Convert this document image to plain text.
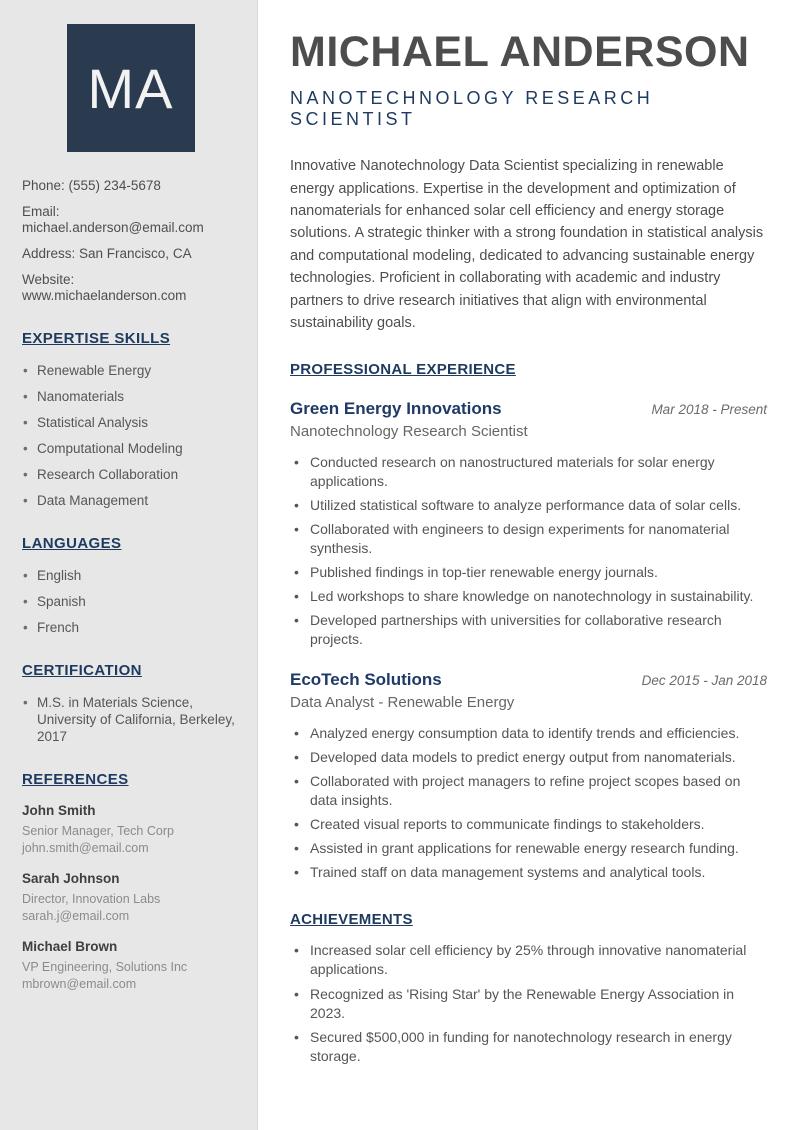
MA
Phone: (555) 234-5678
Email: michael.anderson@email.com
Address: San Francisco, CA
Website: www.michaelanderson.com
EXPERTISE SKILLS
• Renewable Energy
• Nanomaterials
• Statistical Analysis
• Computational Modeling
• Research Collaboration
• Data Management
LANGUAGES
• English
• Spanish
• French
CERTIFICATION
• M.S. in Materials Science, University of California, Berkeley, 2017
REFERENCES
John Smith
Senior Manager, Tech Corp
john.smith@email.com
Sarah Johnson
Director, Innovation Labs
sarah.j@email.com
Michael Brown
VP Engineering, Solutions Inc
mbrown@email.com
MICHAEL ANDERSON
NANOTECHNOLOGY RESEARCH SCIENTIST

Innovative Nanotechnology Data Scientist specializing in renewable energy applications. Expertise in the development and optimization of nanomaterials for enhanced solar cell efficiency and energy storage solutions. A strategic thinker with a strong foundation in statistical analysis and computational modeling, dedicated to advancing sustainable energy technologies. Proficient in collaborating with academic and industry partners to drive research initiatives that align with environmental sustainability goals.

PROFESSIONAL EXPERIENCE
Green Energy Innovations	Mar 2018 - Present
Nanotechnology Research Scientist
• Conducted research on nanostructured materials for solar energy applications.
• Utilized statistical software to analyze performance data of solar cells.
• Collaborated with engineers to design experiments for nanomaterial synthesis.
• Published findings in top-tier renewable energy journals.
• Led workshops to share knowledge on nanotechnology in sustainability.
• Developed partnerships with universities for collaborative research projects.
EcoTech Solutions	Dec 2015 - Jan 2018
Data Analyst - Renewable Energy
• Analyzed energy consumption data to identify trends and efficiencies.
• Developed data models to predict energy output from nanomaterials.
• Collaborated with project managers to refine project scopes based on data insights.
• Created visual reports to communicate findings to stakeholders.
• Assisted in grant applications for renewable energy research funding.
• Trained staff on data management systems and analytical tools.
ACHIEVEMENTS
• Increased solar cell efficiency by 25% through innovative nanomaterial applications.
• Recognized as 'Rising Star' by the Renewable Energy Association in 2023.
• Secured $500,000 in funding for nanotechnology research in energy storage.
